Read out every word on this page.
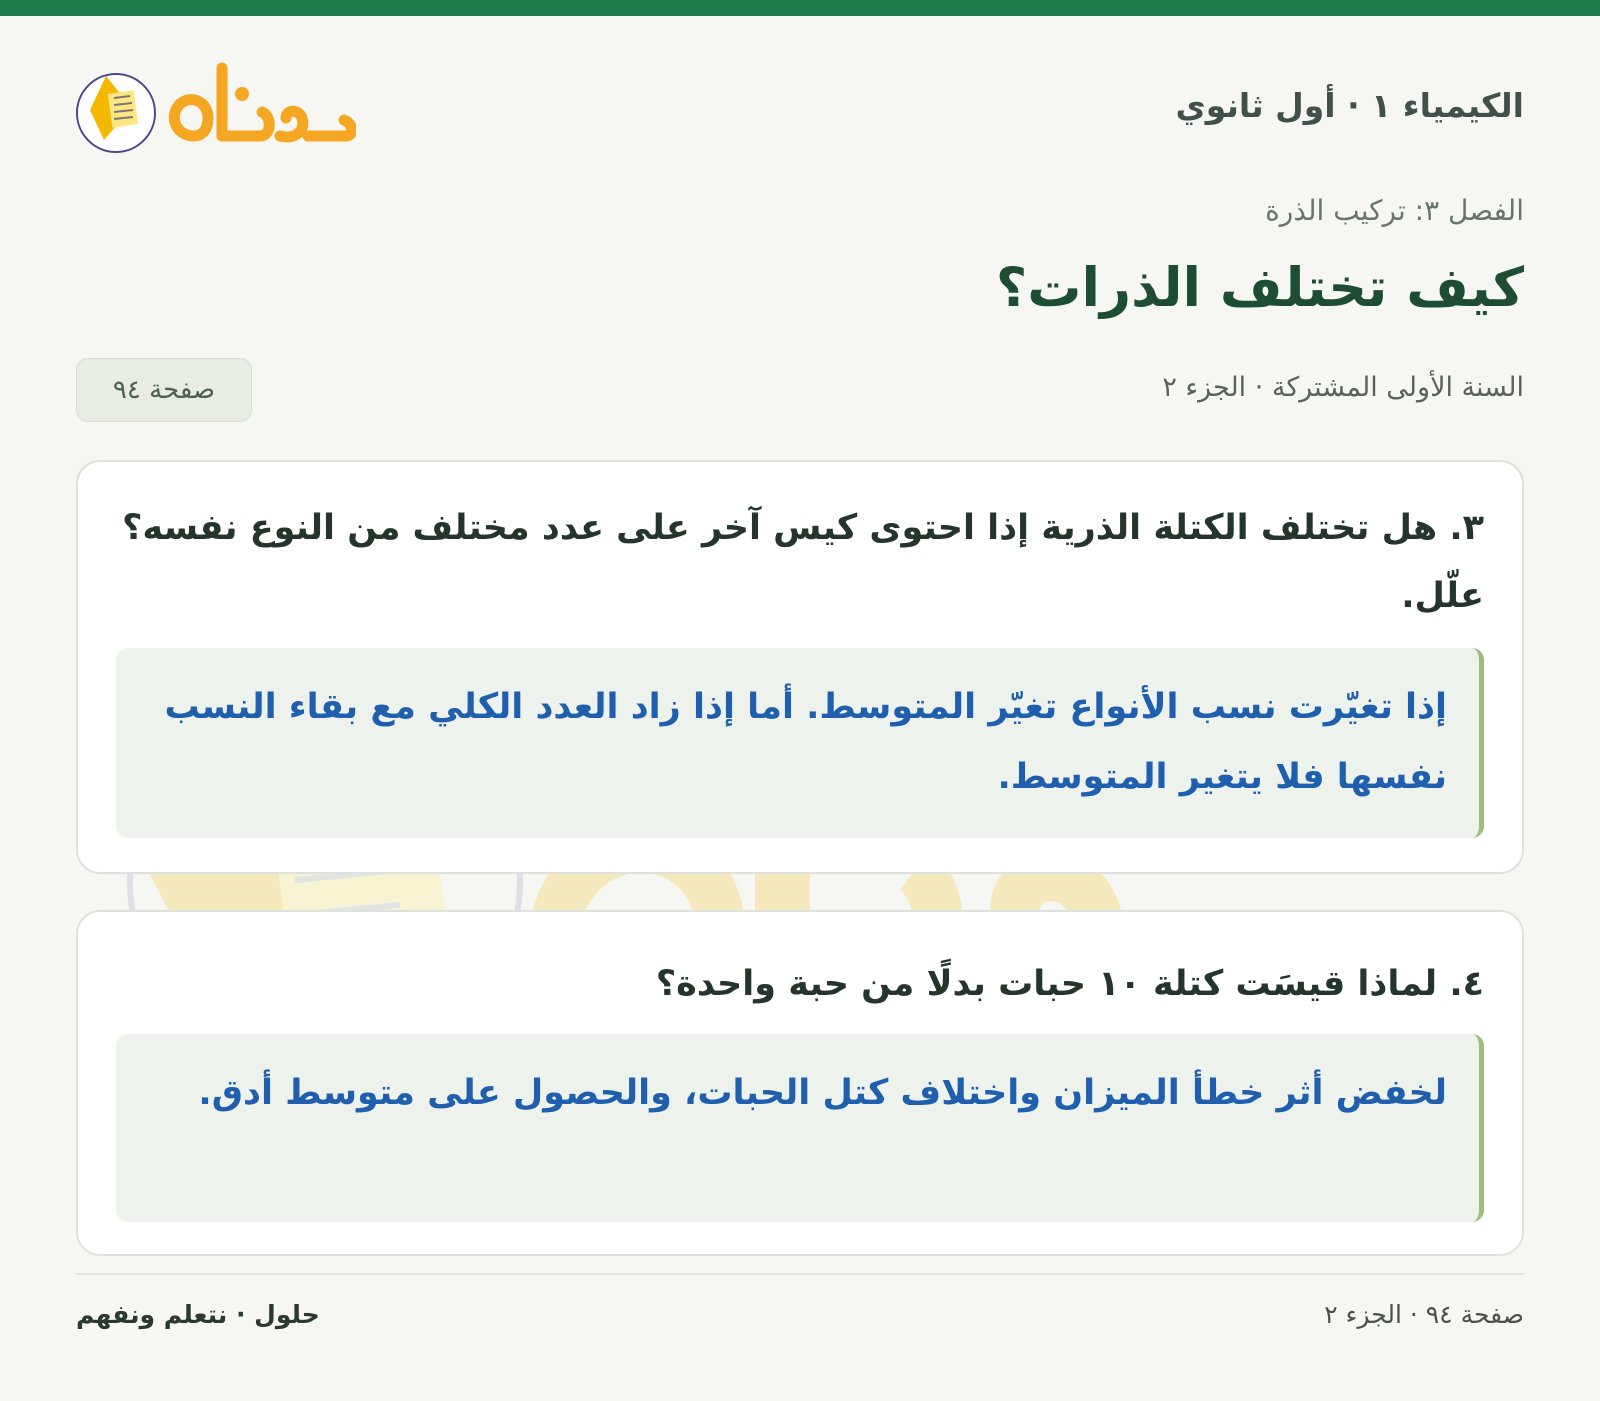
الكيمياء ١ · أول ثانوي
الفصل ٣: تركيب الذرة
كيف تختلف الذرات؟
السنة الأولى المشتركة · الجزء ٢
صفحة ٩٤
٣. هل تختلف الكتلة الذرية إذا احتوى كيس آخر على عدد مختلف من النوع نفسه؟ علّل.
إذا تغيّرت نسب الأنواع تغيّر المتوسط. أما إذا زاد العدد الكلي مع بقاء النسب نفسها فلا يتغير المتوسط.
٤. لماذا قيسَت كتلة ١٠ حبات بدلًا من حبة واحدة؟
لخفض أثر خطأ الميزان واختلاف كتل الحبات، والحصول على متوسط أدق.
صفحة ٩٤ · الجزء ٢
حلول · نتعلم ونفهم
